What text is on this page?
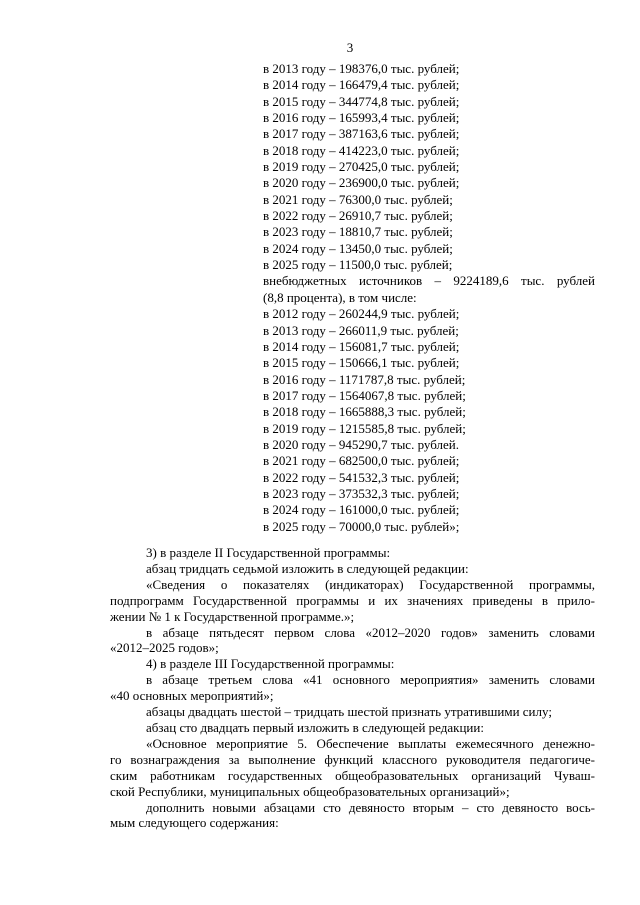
3
в 2013 году – 198376,0 тыс. рублей;
в 2014 году – 166479,4 тыс. рублей;
в 2015 году – 344774,8 тыс. рублей;
в 2016 году – 165993,4 тыс. рублей;
в 2017 году – 387163,6 тыс. рублей;
в 2018 году – 414223,0 тыс. рублей;
в 2019 году – 270425,0 тыс. рублей;
в 2020 году – 236900,0 тыс. рублей;
в 2021 году – 76300,0 тыс. рублей;
в 2022 году – 26910,7 тыс. рублей;
в 2023 году – 18810,7 тыс. рублей;
в 2024 году – 13450,0 тыс. рублей;
в 2025 году – 11500,0 тыс. рублей;
внебюджетных источников – 9224189,6 тыс. рублей
(8,8 процента), в том числе:
в 2012 году – 260244,9 тыс. рублей;
в 2013 году – 266011,9 тыс. рублей;
в 2014 году – 156081,7 тыс. рублей;
в 2015 году – 150666,1 тыс. рублей;
в 2016 году – 1171787,8 тыс. рублей;
в 2017 году – 1564067,8 тыс. рублей;
в 2018 году – 1665888,3 тыс. рублей;
в 2019 году – 1215585,8 тыс. рублей;
в 2020 году – 945290,7 тыс. рублей.
в 2021 году – 682500,0 тыс. рублей;
в 2022 году – 541532,3 тыс. рублей;
в 2023 году – 373532,3 тыс. рублей;
в 2024 году – 161000,0 тыс. рублей;
в 2025 году – 70000,0 тыс. рублей»;
3) в разделе II Государственной программы:
абзац тридцать седьмой изложить в следующей редакции:
«Сведения о показателях (индикаторах) Государственной программы,
подпрограмм Государственной программы и их значениях приведены в прило-
жении № 1 к Государственной программе.»;
в абзаце пятьдесят первом слова «2012–2020 годов» заменить словами
«2012–2025 годов»;
4) в разделе III Государственной программы:
в абзаце третьем слова «41 основного мероприятия» заменить словами
«40 основных мероприятий»;
абзацы двадцать шестой – тридцать шестой признать утратившими силу;
абзац сто двадцать первый изложить в следующей редакции:
«Основное мероприятие 5. Обеспечение выплаты ежемесячного денежно-
го вознаграждения за выполнение функций классного руководителя педагогиче-
ским работникам государственных общеобразовательных организаций Чуваш-
ской Республики, муниципальных общеобразовательных организаций»;
дополнить новыми абзацами сто девяносто вторым – сто девяносто вось-
мым следующего содержания:
